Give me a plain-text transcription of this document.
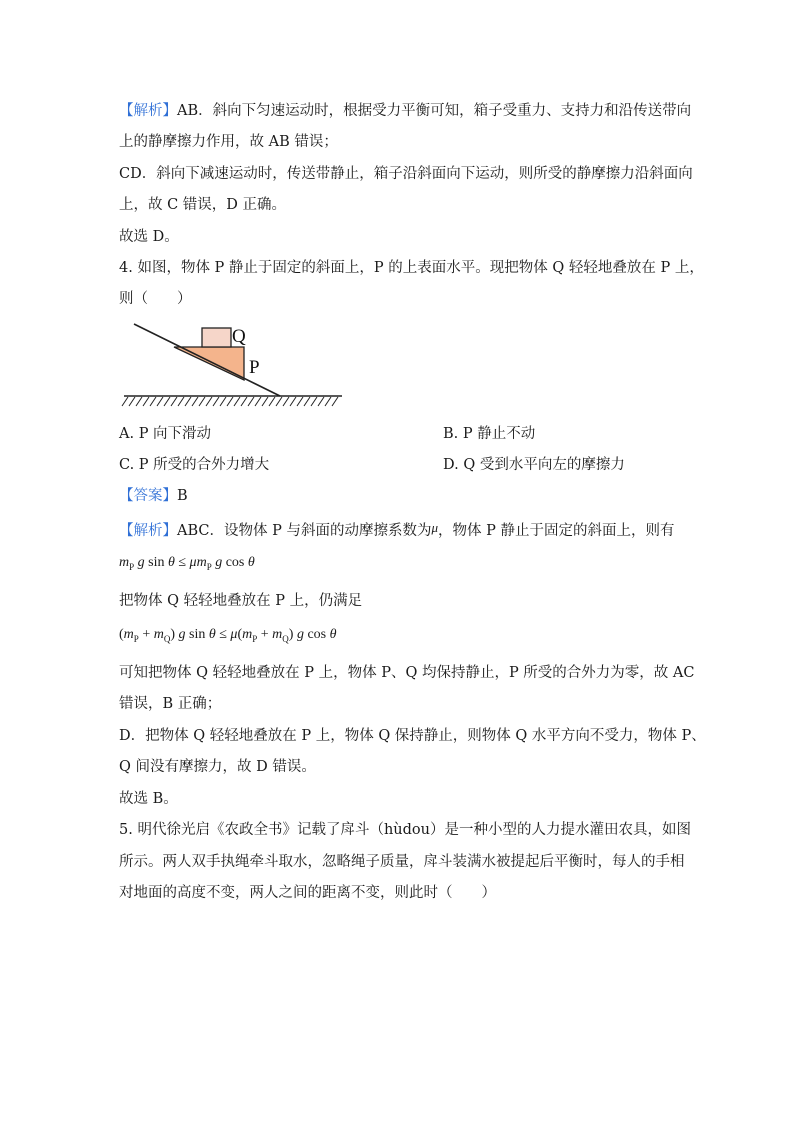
【解析】AB．斜向下匀速运动时，根据受力平衡可知，箱子受重力、支持力和沿传送带向
上的静摩擦力作用，故 AB 错误；
CD．斜向下减速运动时，传送带静止，箱子沿斜面向下运动，则所受的静摩擦力沿斜面向
上，故 C 错误，D 正确。
故选 D。
4. 如图，物体 P 静止于固定的斜面上，P 的上表面水平。现把物体 Q 轻轻地叠放在 P 上，
则（　　）
Q
P
A. P 向下滑动	B. P 静止不动
C. P 所受的合外力增大	D. Q 受到水平向左的摩擦力
【答案】B
【解析】ABC．设物体 P 与斜面的动摩擦系数为μ，物体 P 静止于固定的斜面上，则有
$m_P$ g $\sin \theta \le \mu m_P$ g cos θ
把物体 Q 轻轻地叠放在 P 上，仍满足
$(m_P + m_Q)$ g $\sin \theta \le \mu(m_P + m_Q)$ g cos θ
可知把物体 Q 轻轻地叠放在 P 上，物体 P、Q 均保持静止，P 所受的合外力为零，故 AC
错误，B 正确；
D．把物体 Q 轻轻地叠放在 P 上，物体 Q 保持静止，则物体 Q 水平方向不受力，物体 P、
Q 间没有摩擦力，故 D 错误。
故选 B。
5. 明代徐光启《农政全书》记载了戽斗（hùdou）是一种小型的人力提水灌田农具，如图
所示。两人双手执绳牵斗取水，忽略绳子质量，戽斗装满水被提起后平衡时，每人的手相
对地面的高度不变，两人之间的距离不变，则此时（　　）
